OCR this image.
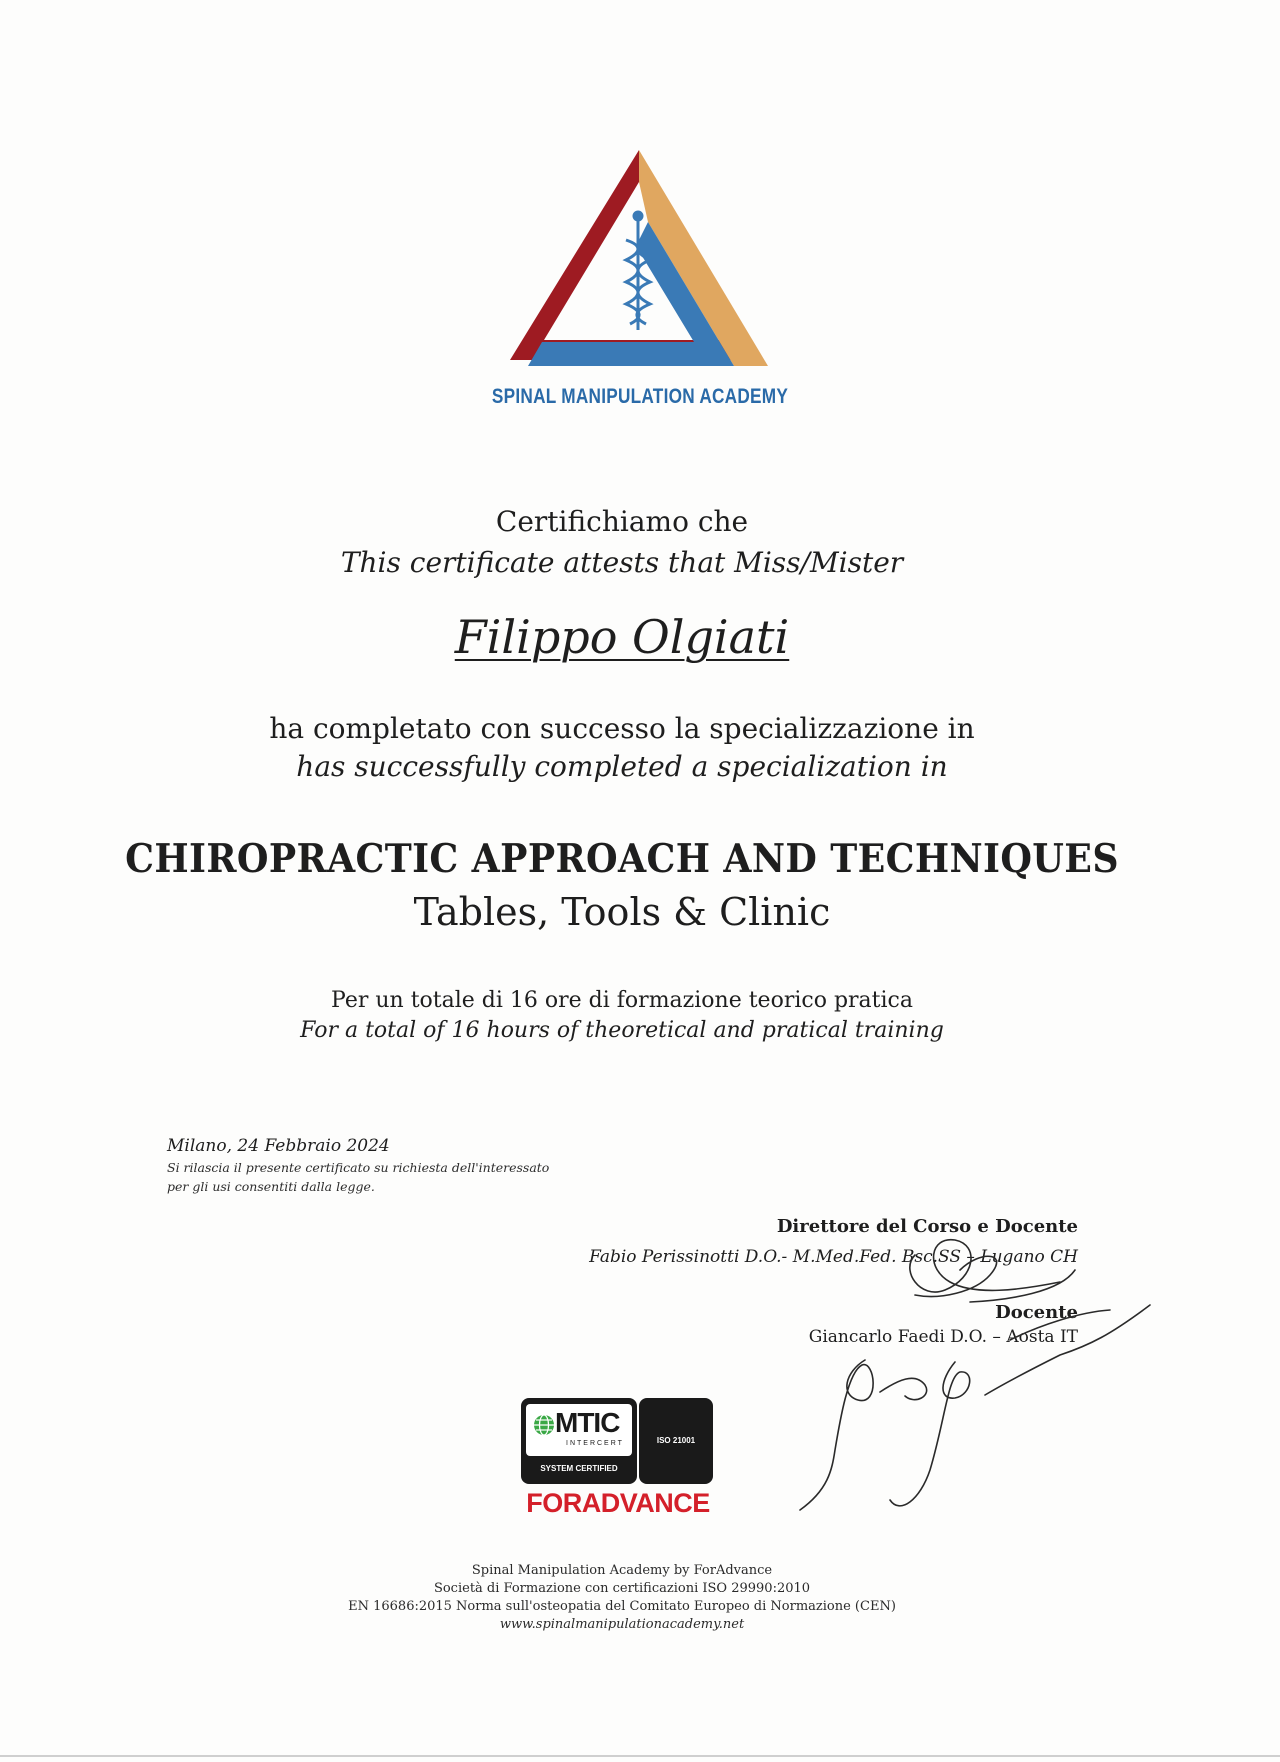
SPINAL MANIPULATION ACADEMY
Certifichiamo che
This certificate attests that Miss/Mister
Filippo Olgiati
ha completato con successo la specializzazione in
has successfully completed a specialization in
CHIROPRACTIC APPROACH AND TECHNIQUES
Tables, Tools & Clinic
Per un totale di 16 ore di formazione teorico pratica
For a total of 16 hours of theoretical and pratical training
Milano, 24 Febbraio 2024
Si rilascia il presente certificato su richiesta dell'interessato
per gli usi consentiti dalla legge.
Direttore del Corso e Docente
Fabio Perissinotti D.O.- M.Med.Fed. Bsc.SS – Lugano CH
Docente
Giancarlo Faedi D.O. – Aosta IT
MTIC
INTERCERT
SYSTEM CERTIFIED
ISO 21001
FORADVANCE
Spinal Manipulation Academy by ForAdvance
Società di Formazione con certificazioni ISO 29990:2010
EN 16686:2015 Norma sull'osteopatia del Comitato Europeo di Normazione (CEN)
www.spinalmanipulationacademy.net
